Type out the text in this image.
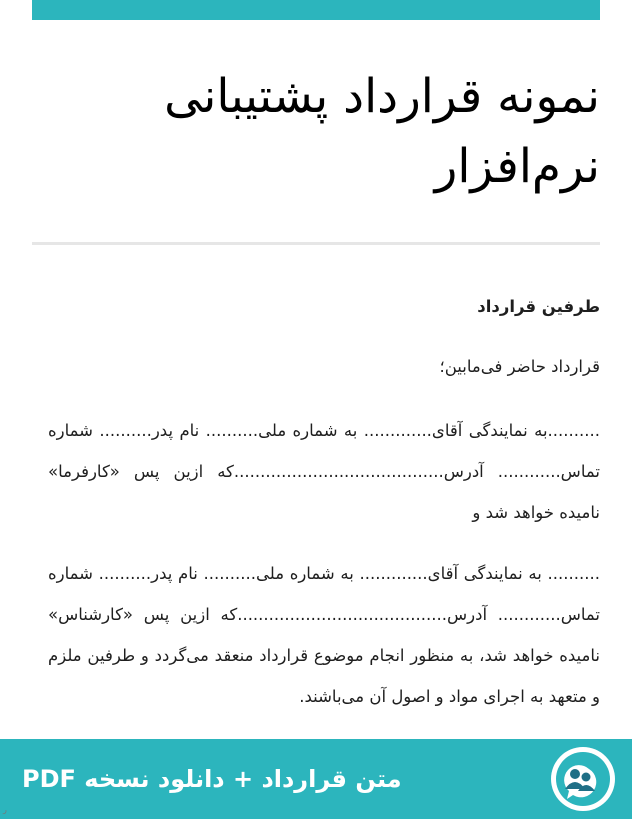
نمونه قرارداد پشتیبانی نرم‌افزار
طرفین قرارداد
قرارداد حاضر فی‌مابین؛
..........به نمایندگی آقای............. به شماره ملی.......... نام پدر.......... شماره تماس............ آدرس........................................که ازین پس «کارفرما» نامیده خواهد شد و
.......... به نمایندگی آقای............. به شماره ملی.......... نام پدر.......... شماره تماس............ آدرس........................................که ازین پس «کارشناس» نامیده خواهد شد، به منظور انجام موضوع قرارداد منعقد می‌گردد و طرفین ملزم و متعهد به اجرای مواد و اصول آن می‌باشند.
متن قرارداد + دانلود نسخه PDF
ر
